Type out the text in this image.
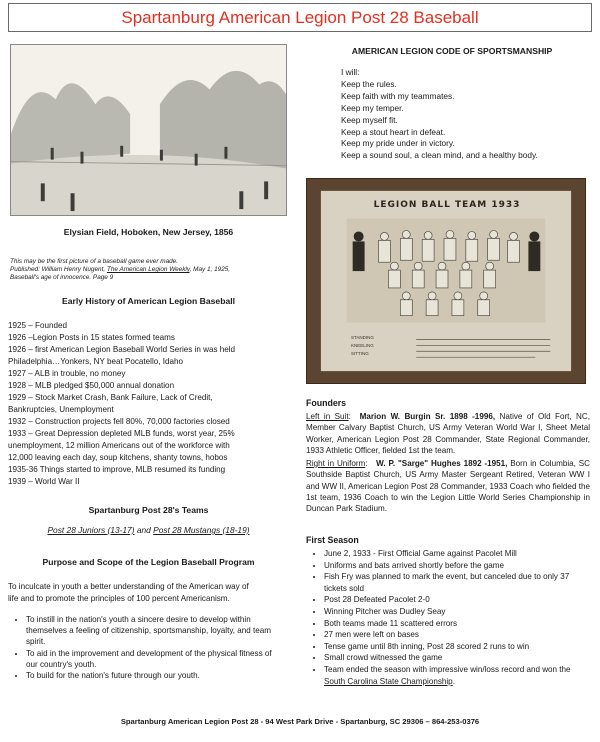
Spartanburg American Legion Post 28 Baseball

Elysian Field, Hoboken, New Jersey, 1856

This may be the first picture of a baseball game ever made.

Published: William Henry Nugent, The American Legion Weekly, May 1, 1925,

Baseball's age of innocence. Page 9

Early History of American Legion Baseball

1925 – Founded
1926 –Legion Posts in 15 states formed teams
1926 – first American Legion Baseball World Series in was held
Philadelphia…Yonkers, NY beat Pocatello, Idaho
1927 – ALB in trouble, no money
1928 – MLB pledged $50,000 annual donation
1929 – Stock Market Crash, Bank Failure, Lack of Credit,
Bankruptcies, Unemployment
1932 – Construction projects fell 80%, 70,000 factories closed
1933 – Great Depression depleted MLB funds, worst year, 25%
unemployment, 12 million Americans out of the workforce with
12,000 leaving each day, soup kitchens, shanty towns, hobos
1935-36 Things started to improve, MLB resumed its funding
1939 – World War II

Spartanburg Post 28's Teams

Post 28 Juniors (13-17) and Post 28 Mustangs (18-19)

Purpose and Scope of the Legion Baseball Program

To inculcate in youth a better understanding of the American way of

life and to promote the principles of 100 percent Americanism.

• To instill in the nation's youth a sincere desire to develop within themselves a feeling of citizenship, sportsmanship, loyalty, and team spirit.
• To aid in the improvement and development of the physical fitness of our country's youth.
• To build for the nation's future through our youth.

AMERICAN LEGION CODE OF SPORTSMANSHIP

I will:
Keep the rules.
Keep faith with my teammates.
Keep my temper.
Keep myself fit.
Keep a stout heart in defeat.
Keep my pride under in victory.
Keep a sound soul, a clean mind, and a healthy body.
LEGION BALL TEAM 1933
STANDING
KNEELING
SITTING

Founders

Left in Suit:  Marion W. Burgin Sr. 1898 -1996, Native of Old Fort, NC, Member Calvary Baptist Church, US Army Veteran World War I, Sheet Metal Worker, American Legion Post 28 Commander, State Regional Commander, 1933 Athletic Officer, fielded 1st the team.

Right in Uniform:   W. P. "Sarge" Hughes 1892 -1951, Born in Columbia, SC Southside Baptist Church, US Army Master Sergeant Retired, Veteran WW I and WW II, American Legion Post 28 Commander, 1933 Coach who fielded the 1st team, 1936 Coach to win the Legion Little World Series Championship in Duncan Park Stadium.

First Season

• June 2, 1933 - First Official Game against Pacolet Mill
• Uniforms and bats arrived shortly before the game
• Fish Fry was planned to mark the event, but canceled due to only 37 tickets sold
• Post 28 Defeated Pacolet 2-0
• Winning Pitcher was Dudley Seay
• Both teams made 11 scattered errors
• 27 men were left on bases
• Tense game until 8th inning, Post 28 scored 2 runs to win
• Small crowd witnessed the game
• Team ended the season with impressive win/loss record and won the South Carolina State Championship.
Spartanburg American Legion Post 28 - 94 West Park Drive - Spartanburg, SC 29306 – 864-253-0376
